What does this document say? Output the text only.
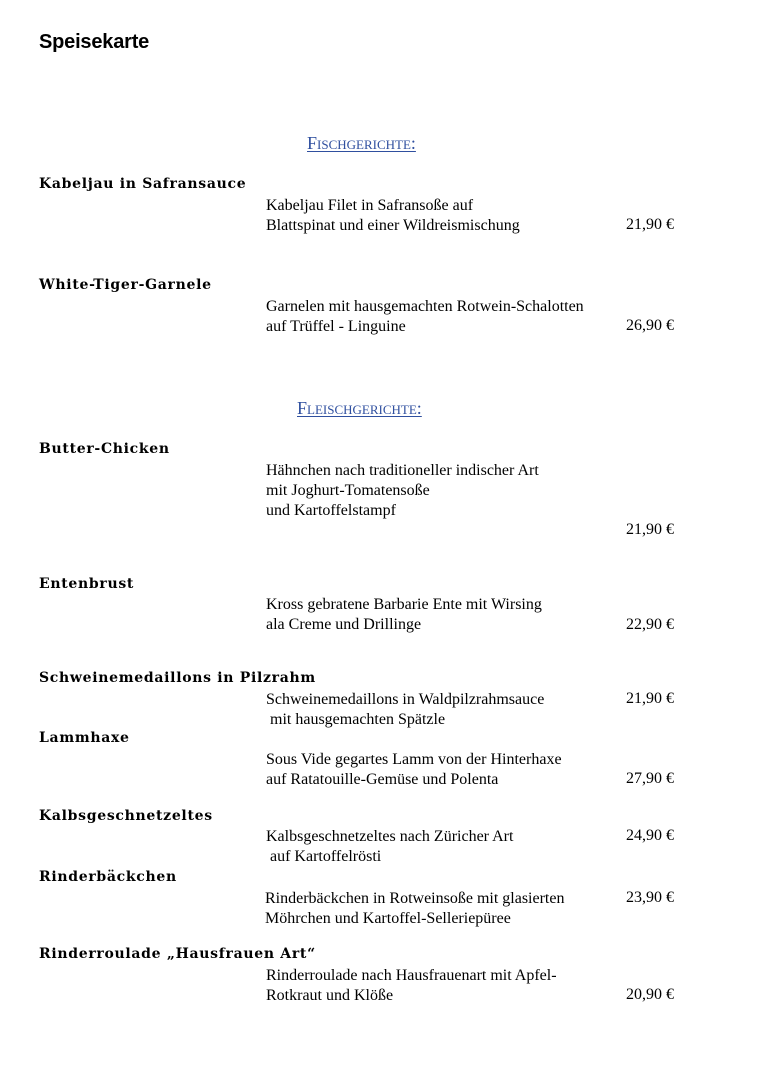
Speisekarte
Fischgerichte:
Kabeljau in Safransauce
Kabeljau Filet in Safransoße auf
Blattspinat und einer Wildreismischung	21,90 €
White-Tiger-Garnele
Garnelen mit hausgemachten Rotwein-Schalotten
auf Trüffel - Linguine	26,90 €
Fleischgerichte:
Butter-Chicken
Hähnchen nach traditioneller indischer Art
mit Joghurt-Tomatensoße
und Kartoffelstampf
21,90 €
Entenbrust
Kross gebratene Barbarie Ente mit Wirsing
ala Creme und Drillinge	22,90 €
Schweinemedaillons in Pilzrahm
Schweinemedaillons in Waldpilzrahmsauce
mit hausgemachten Spätzle
21,90 €
Lammhaxe
Sous Vide gegartes Lamm von der Hinterhaxe
auf Ratatouille-Gemüse und Polenta	27,90 €
Kalbsgeschnetzeltes
Kalbsgeschnetzeltes nach Züricher Art
auf Kartoffelrösti
24,90 €
Rinderbäckchen
Rinderbäckchen in Rotweinsoße mit glasierten
Möhrchen und Kartoffel-Selleriepüree
23,90 €
Rinderroulade „Hausfrauen Art“
Rinderroulade nach Hausfrauenart mit Apfel-
Rotkraut und Klöße	20,90 €
